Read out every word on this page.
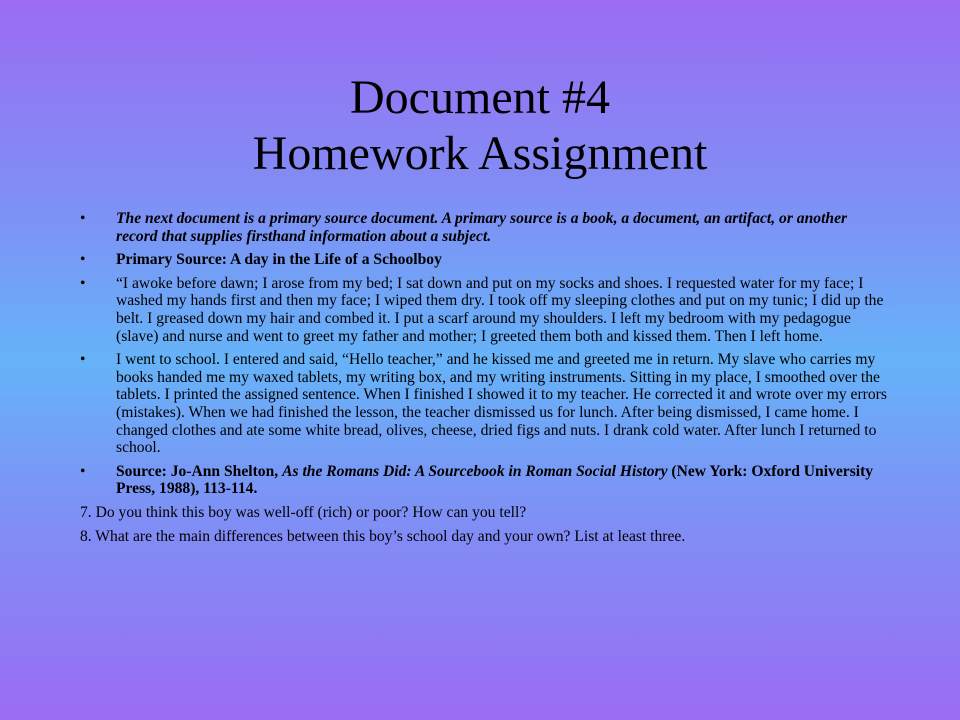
Document #4
Homework Assignment
• The next document is a primary source document. A primary source is a book, a document, an artifact, or another record that supplies firsthand information about a subject.
• Primary Source: A day in the Life of a Schoolboy
• “I awoke before dawn; I arose from my bed; I sat down and put on my socks and shoes. I requested water for my face; I washed my hands first and then my face; I wiped them dry. I took off my sleeping clothes and put on my tunic; I did up the belt. I greased down my hair and combed it. I put a scarf around my shoulders. I left my bedroom with my pedagogue (slave) and nurse and went to greet my father and mother; I greeted them both and kissed them. Then I left home.
• I went to school. I entered and said, “Hello teacher,” and he kissed me and greeted me in return. My slave who carries my books handed me my waxed tablets, my writing box, and my writing instruments. Sitting in my place, I smoothed over the tablets. I printed the assigned sentence. When I finished I showed it to my teacher. He corrected it and wrote over my errors (mistakes). When we had finished the lesson, the teacher dismissed us for lunch. After being dismissed, I came home. I changed clothes and ate some white bread, olives, cheese, dried figs and nuts. I drank cold water. After lunch I returned to school.
• Source: Jo-Ann Shelton, As the Romans Did: A Sourcebook in Roman Social History (New York: Oxford University Press, 1988), 113-114.
7. Do you think this boy was well-off (rich) or poor? How can you tell?
8. What are the main differences between this boy’s school day and your own? List at least three.
